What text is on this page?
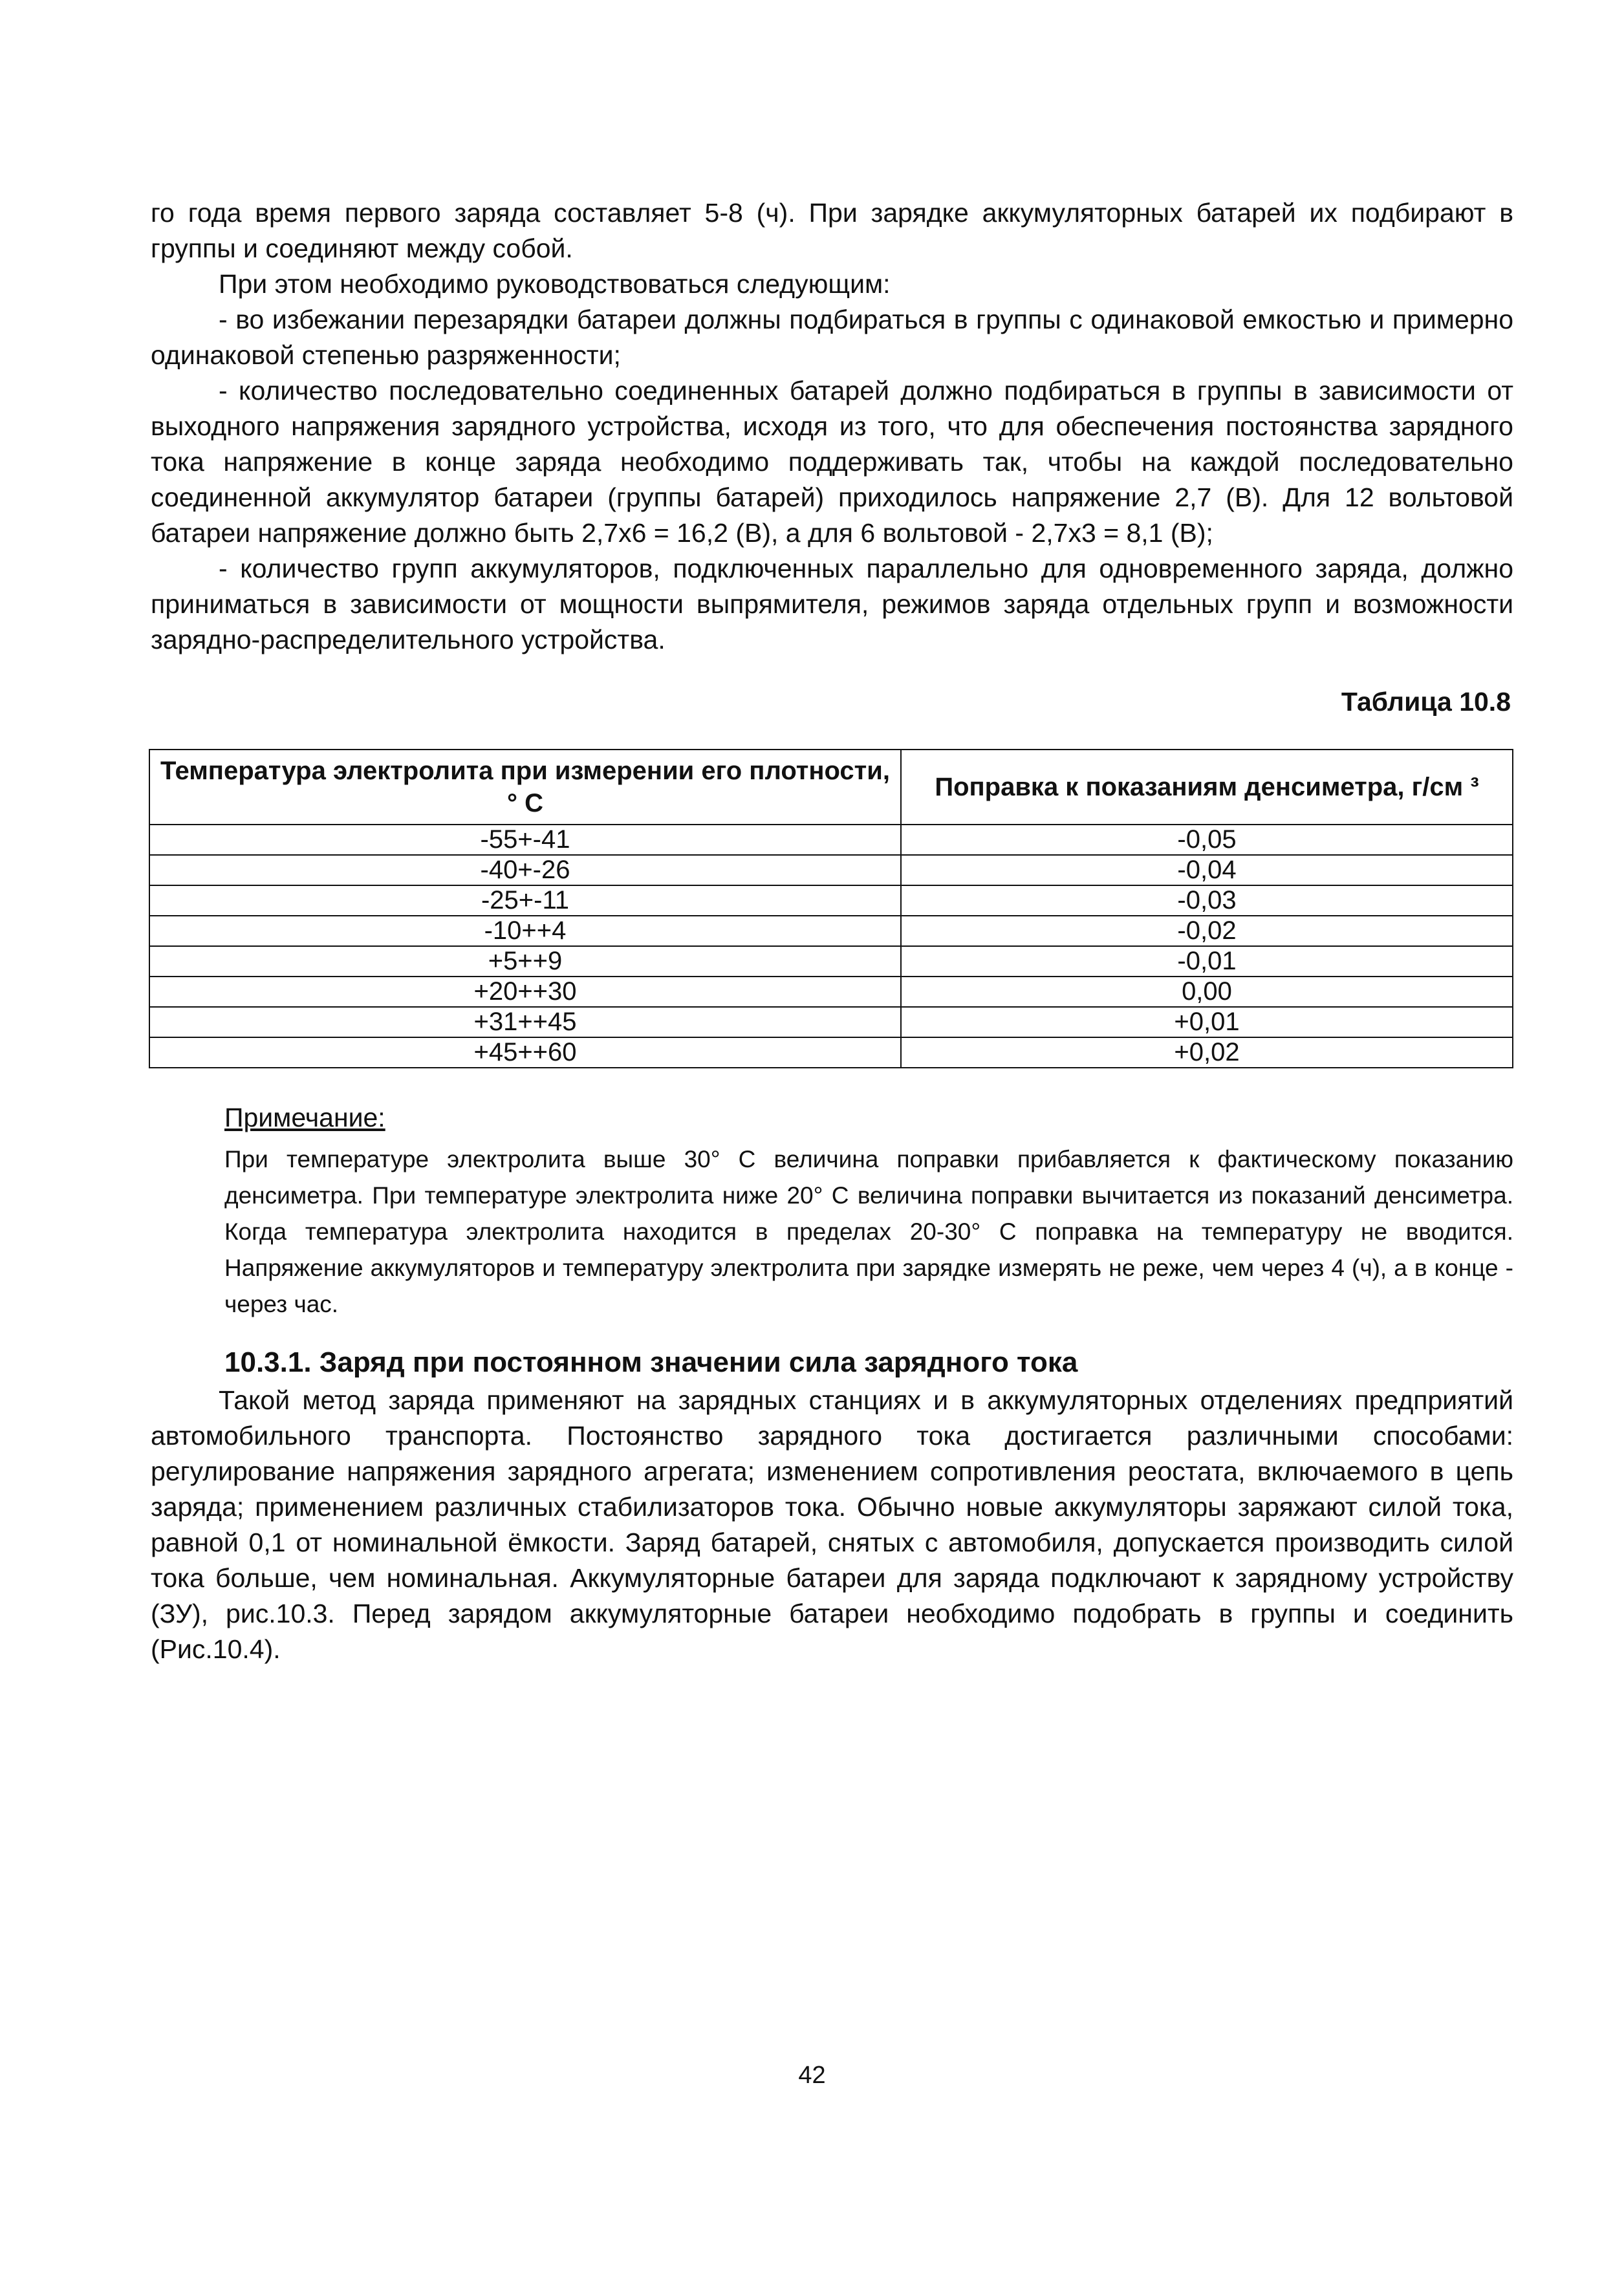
го года время первого заряда составляет 5-8 (ч). При зарядке аккумуляторных батарей их подбирают в группы и соединяют между собой.

При этом необходимо руководствоваться следующим:

- во избежании перезарядки батареи должны подбираться в группы с одинаковой емкостью и примерно одинаковой степенью разряженности;

- количество последовательно соединенных батарей должно подбираться в группы в зависимости от выходного напряжения зарядного устройства, исходя из того, что для обеспечения постоянства зарядного тока напряжение в конце заряда необходимо поддерживать так, чтобы на каждой последовательно соединенной аккумулятор батареи (группы батарей) приходилось напряжение 2,7 (В). Для 12 вольтовой батареи напряжение должно быть 2,7х6 = 16,2 (В), а для 6 вольтовой - 2,7х3 = 8,1 (В);

- количество групп аккумуляторов, подключенных параллельно для одновременного заряда, должно приниматься в зависимости от мощности выпрямителя, режимов заряда отдельных групп и возможности зарядно-распределительного устройства.

Таблица 10.8
Температура электролита при измерении его плотности, ° С	Поправка к показаниям денсиметра, г/см ³
-55+-41	-0,05
-40+-26	-0,04
-25+-11	-0,03
-10++4	-0,02
+5++9	-0,01
+20++30	0,00
+31++45	+0,01
+45++60	+0,02
Примечание:

При температуре электролита выше 30° С величина поправки прибавляется к фактическому показанию денсиметра. При температуре электролита ниже 20° С величина поправки вычитается из показаний денсиметра. Когда температура электролита находится в пределах 20-30° С поправка на температуру не вводится. Напряжение аккумуляторов и температуру электролита при зарядке измерять не реже, чем через 4 (ч), а в конце - через час.

10.3.1. Заряд при постоянном значении сила зарядного тока

Такой метод заряда применяют на зарядных станциях и в аккумуляторных отделениях предприятий автомобильного транспорта. Постоянство зарядного тока достигается различными способами: регулирование напряжения зарядного агрегата; изменением сопротивления реостата, включаемого в цепь заряда; применением различных стабилизаторов тока. Обычно новые аккумуляторы заряжают силой тока, равной 0,1 от номинальной ёмкости. Заряд батарей, снятых с автомобиля, допускается производить силой тока больше, чем номинальная. Аккумуляторные батареи для заряда подключают к зарядному устройству (ЗУ), рис.10.3. Перед зарядом аккумуляторные батареи необходимо подобрать в группы и соединить (Рис.10.4).

42
